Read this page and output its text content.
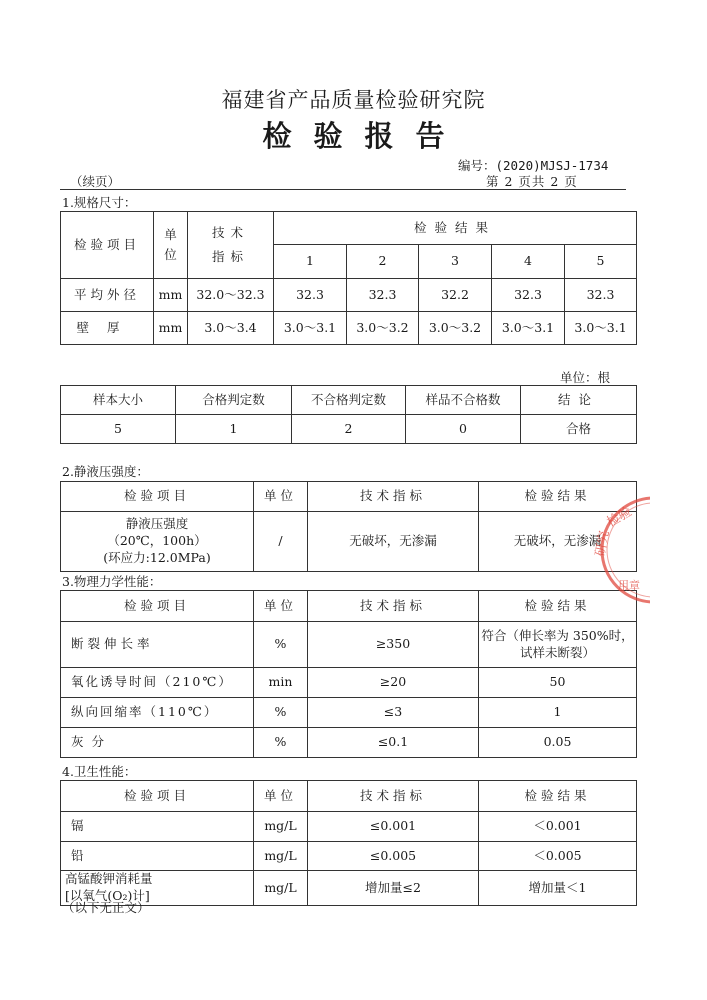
福建省产品质量检验研究院
检验报告
编号：(2020)MJSJ-1734
（续页）	第 2 页共 2 页
1.规格尺寸：
检验项目	单位	技术指标	检验结果				
			1	2	3	4	5
平均外径	mm	32.0～32.3	32.3	32.3	32.2	32.3	32.3
壁厚	mm	3.0～3.4	3.0～3.1	3.0～3.2	3.0～3.2	3.0～3.1	3.0～3.1
单位：根
样本大小	合格判定数	不合格判定数	样品不合格数	结论
5	1	2	0	合格
2.静液压强度：
检验项目	单位	技术指标	检验结果

静液压强度
（20℃，100h）
(环应力:12.0MPa)	/	无破坏，无渗漏	无破坏，无渗漏
3.物理力学性能：
检验项目	单位	技术指标	检验结果
断裂伸长率	%	≥350	符合（伸长率为 350%时，试样未断裂）
氧化诱导时间（210℃）	min	≥20	50
纵向回缩率（110℃）	%	≤3	1
灰分	%	≤0.1	0.05
4.卫生性能：
检验项目	单位	技术指标	检验结果
镉	mg/L	≤0.001	＜0.001
铅	mg/L	≤0.005	＜0.005

高锰酸钾消耗量
[以氧气(O₂)计]	mg/L	增加量≤2	增加量＜1
（以下无正文）
检验
研究
用章
